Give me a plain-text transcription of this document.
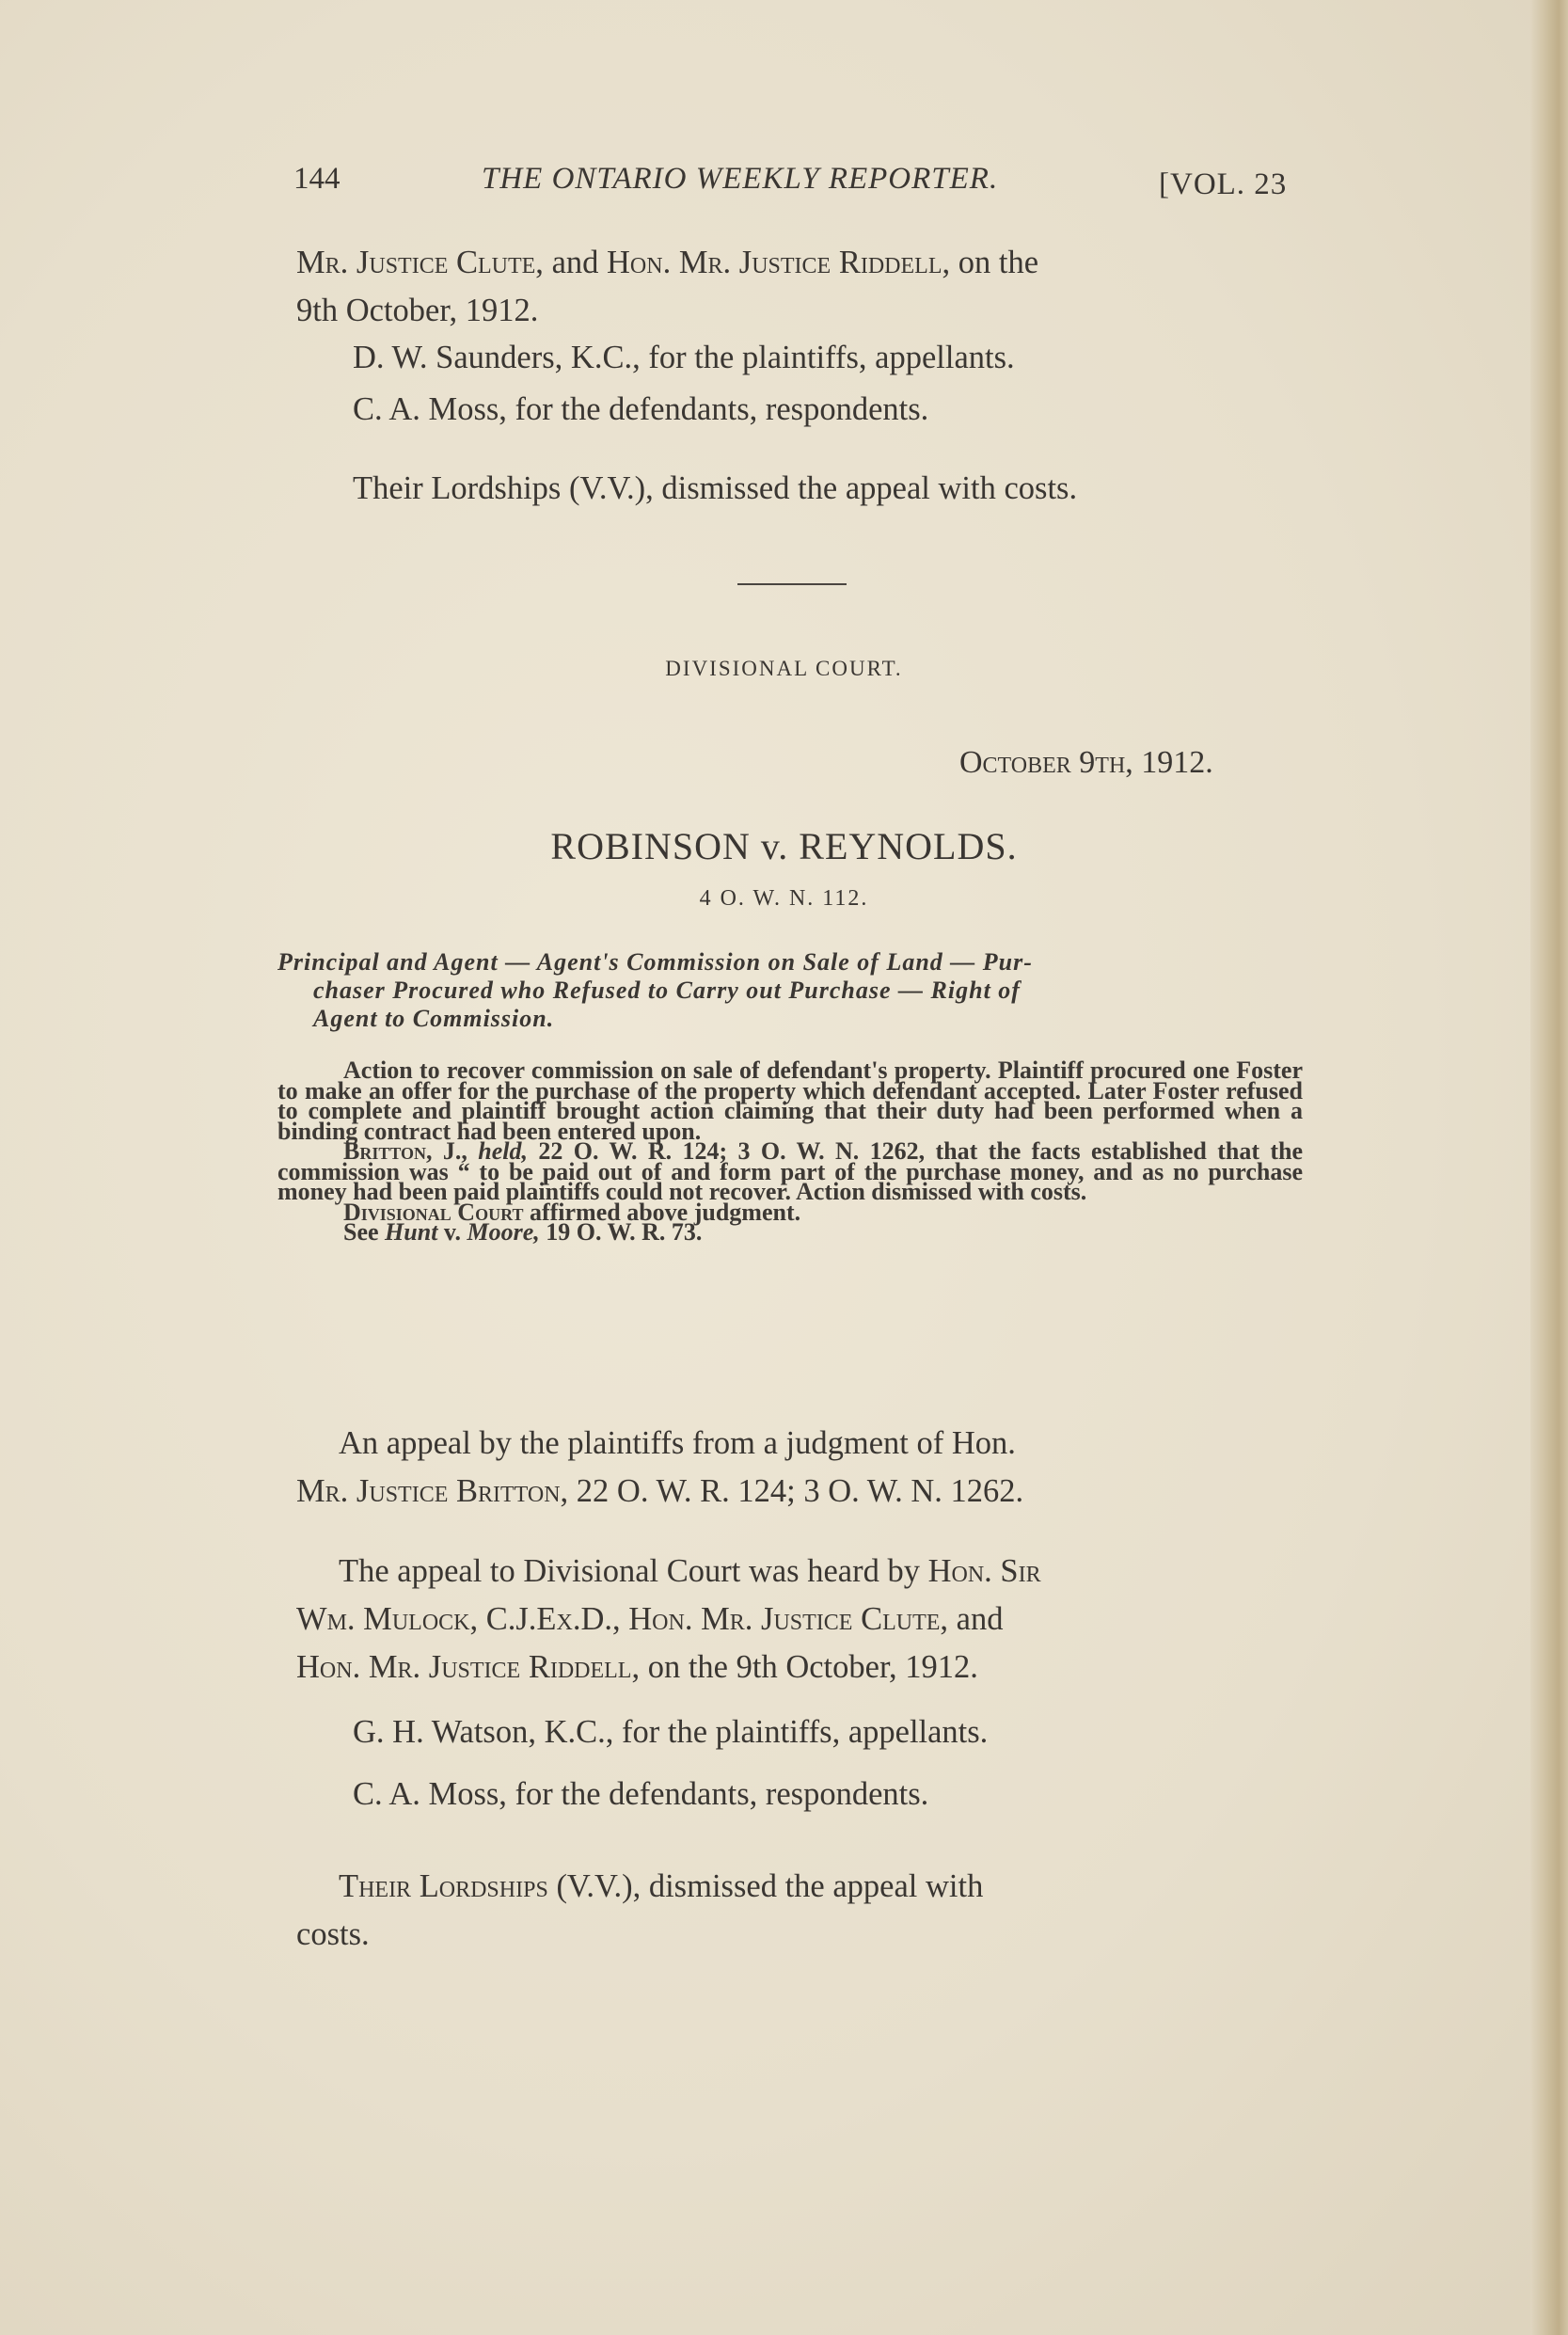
144	THE ONTARIO WEEKLY REPORTER.	[VOL. 23

Mr. Justice Clute, and Hon. Mr. Justice Riddell, on the
9th October, 1912.

D. W. Saunders, K.C., for the plaintiffs, appellants.

C. A. Moss, for the defendants, respondents.

Their Lordships (V.V.), dismissed the appeal with costs.

DIVISIONAL COURT.

October 9th, 1912.

ROBINSON v. REYNOLDS.

4 O. W. N. 112.

Principal and Agent — Agent's Commission on Sale of Land — Pur-
chaser Procured who Refused to Carry out Purchase — Right of
Agent to Commission.

Action to recover commission on sale of defendant's property. Plaintiff procured one Foster to make an offer for the purchase of the property which defendant accepted. Later Foster refused to complete and plaintiff brought action claiming that their duty had been performed when a binding contract had been entered upon.

Britton, J., held, 22 O. W. R. 124; 3 O. W. N. 1262, that the facts established that the commission was “ to be paid out of and form part of the purchase money, and as no purchase money had been paid plaintiffs could not recover. Action dismissed with costs.

Divisional Court affirmed above judgment.

See Hunt v. Moore, 19 O. W. R. 73.

An appeal by the plaintiffs from a judgment of Hon.
Mr. Justice Britton, 22 O. W. R. 124; 3 O. W. N. 1262.
The appeal to Divisional Court was heard by Hon. Sir
Wm. Mulock, C.J.Ex.D., Hon. Mr. Justice Clute, and
Hon. Mr. Justice Riddell, on the 9th October, 1912.

G. H. Watson, K.C., for the plaintiffs, appellants.

C. A. Moss, for the defendants, respondents.

Their Lordships (V.V.), dismissed the appeal with
costs.
